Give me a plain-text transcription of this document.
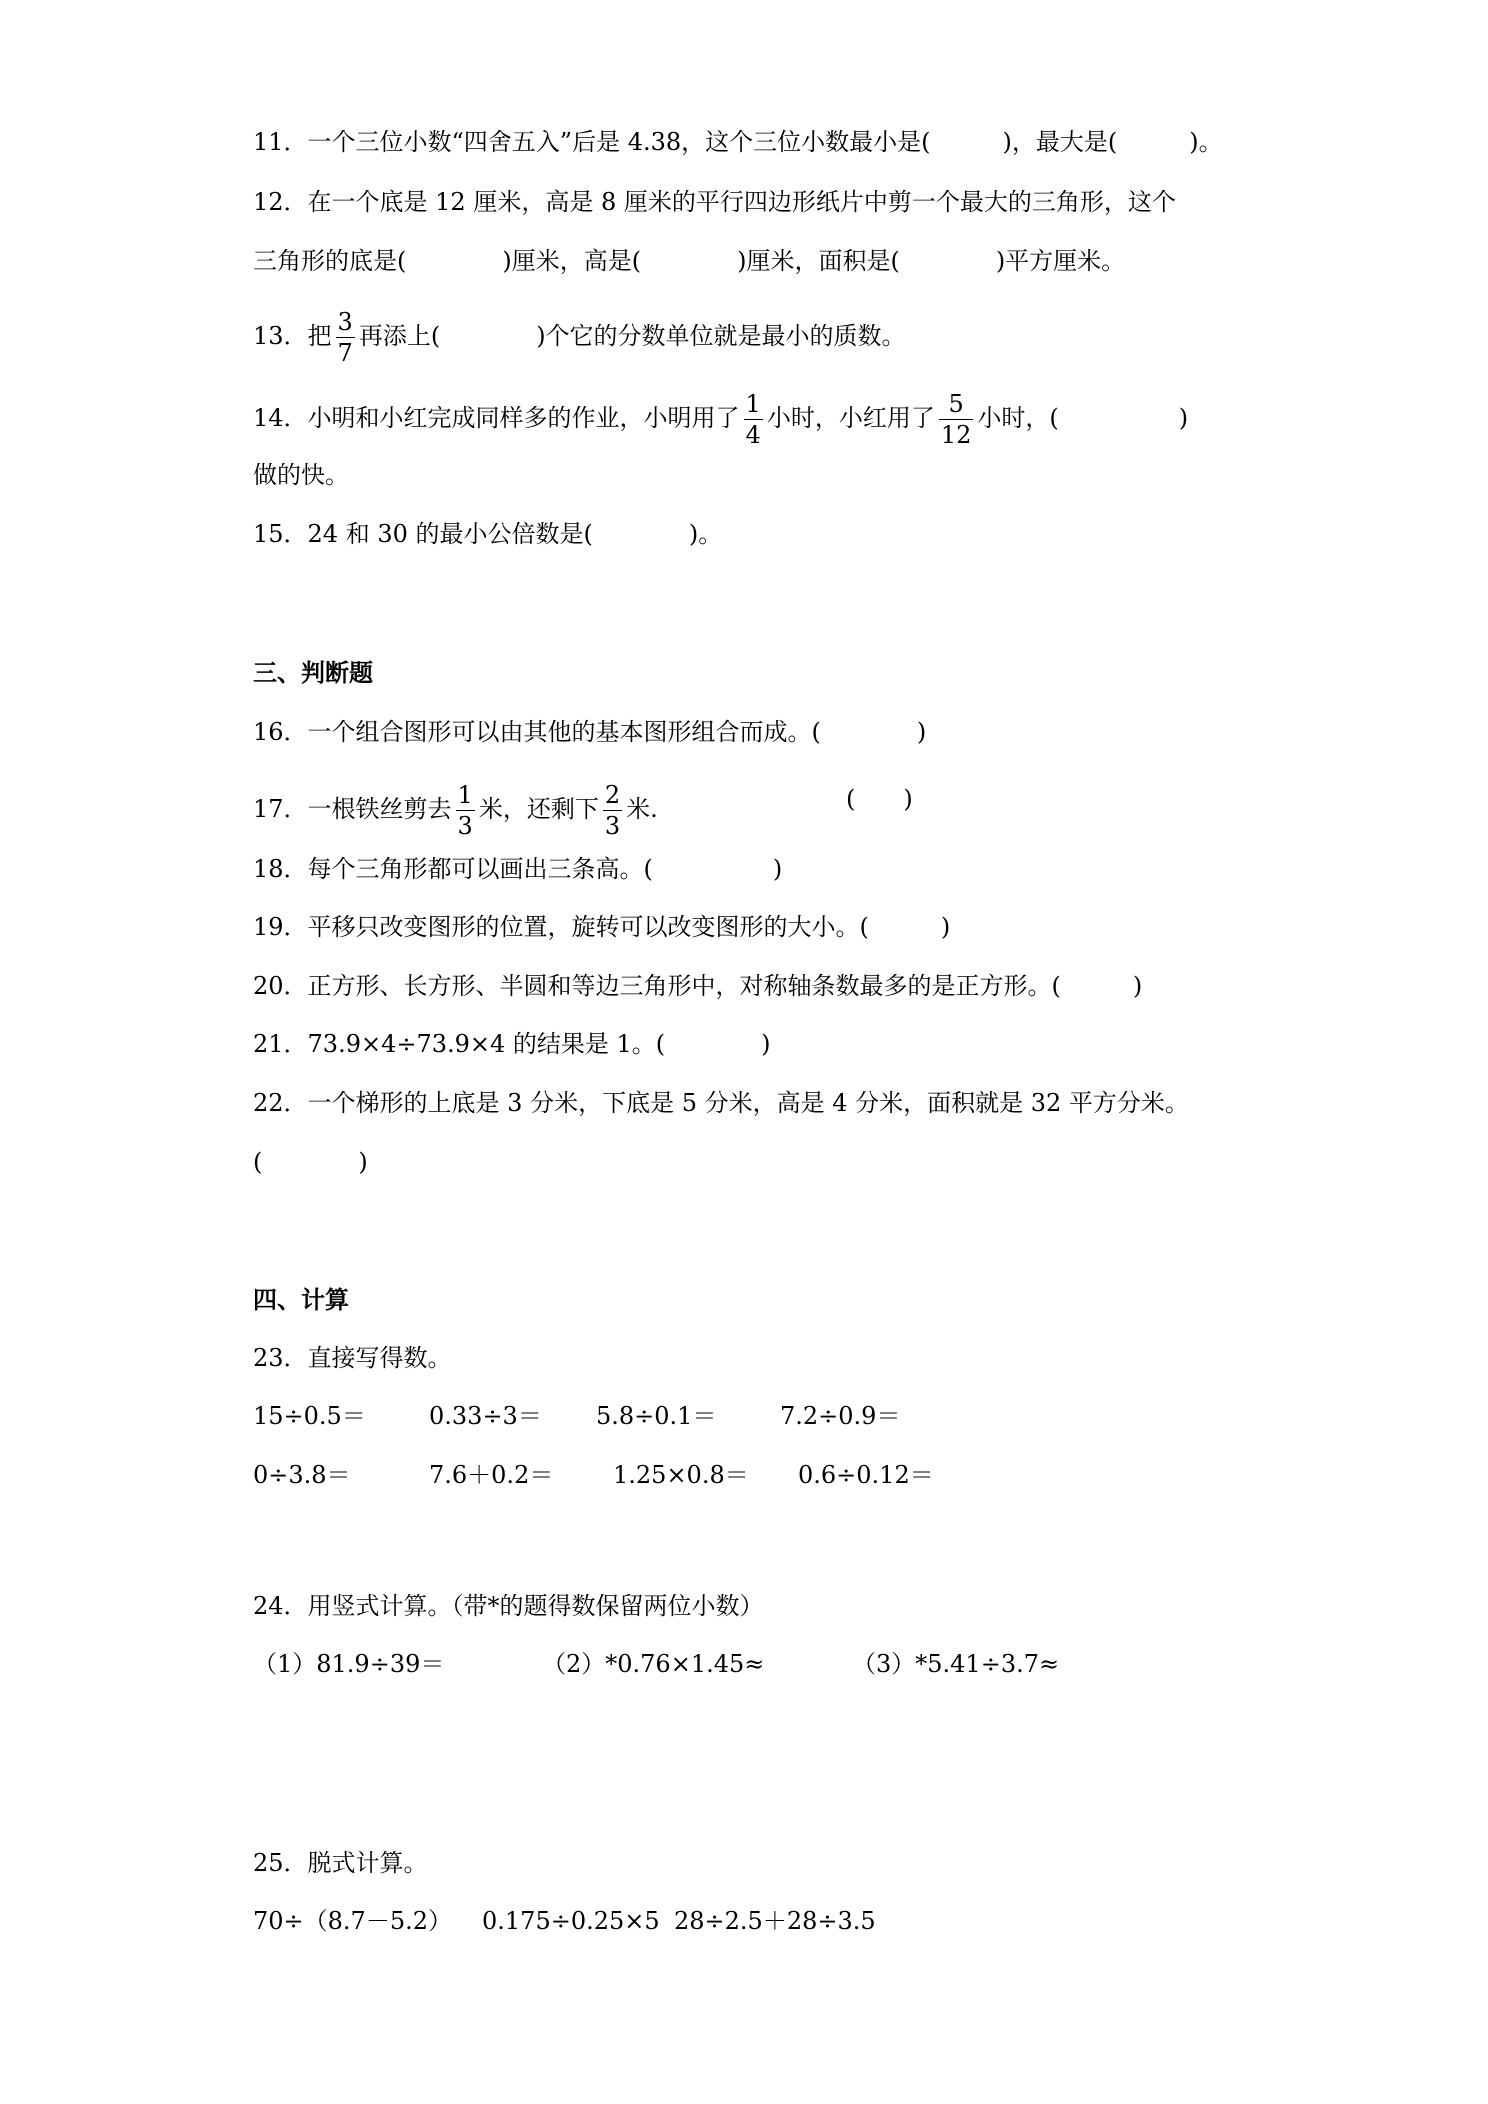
11．一个三位小数“四舍五入”后是 4.38，这个三位小数最小是(　　　)，最大是(　　　)。
12．在一个底是 12 厘米，高是 8 厘米的平行四边形纸片中剪一个最大的三角形，这个
三角形的底是(　　　　)厘米，高是(　　　　)厘米，面积是(　　　　)平方厘米。
13．把 $\frac{3}{7}$ 再添上(　　　　)个它的分数单位就是最小的质数。
14．小明和小红完成同样多的作业，小明用了 $\frac{1}{4}$ 小时，小红用了 $\frac{5}{12}$ 小时，(　　　　　)
做的快。
15．24 和 30 的最小公倍数是(　　　　)。
三、判断题
16．一个组合图形可以由其他的基本图形组合而成。(　　　　)
17．一根铁丝剪去 $\frac{1}{3}$ 米，还剩下 $\frac{2}{3}$ 米.	(　　)
18．每个三角形都可以画出三条高。(　　　　　)
19．平移只改变图形的位置，旋转可以改变图形的大小。(　　　)
20．正方形、长方形、半圆和等边三角形中，对称轴条数最多的是正方形。(　　　)
21．73.9×4÷73.9×4 的结果是 1。(　　　　)
22．一个梯形的上底是 3 分米，下底是 5 分米，高是 4 分米，面积就是 32 平方分米。
(　　　　)
四、计算
23．直接写得数。
15÷0.5＝	0.33÷3＝ 5.8÷0.1＝	7.2÷0.9＝
0÷3.8＝	7.6＋0.2＝ 1.25×0.8＝ 0.6÷0.12＝
24．用竖式计算。（带*的题得数保留两位小数）
（1）81.9÷39＝	（2）*0.76×1.45≈	（3）*5.41÷3.7≈
25．脱式计算。
70÷（8.7－5.2） 0.175÷0.25×5 28÷2.5＋28÷3.5
